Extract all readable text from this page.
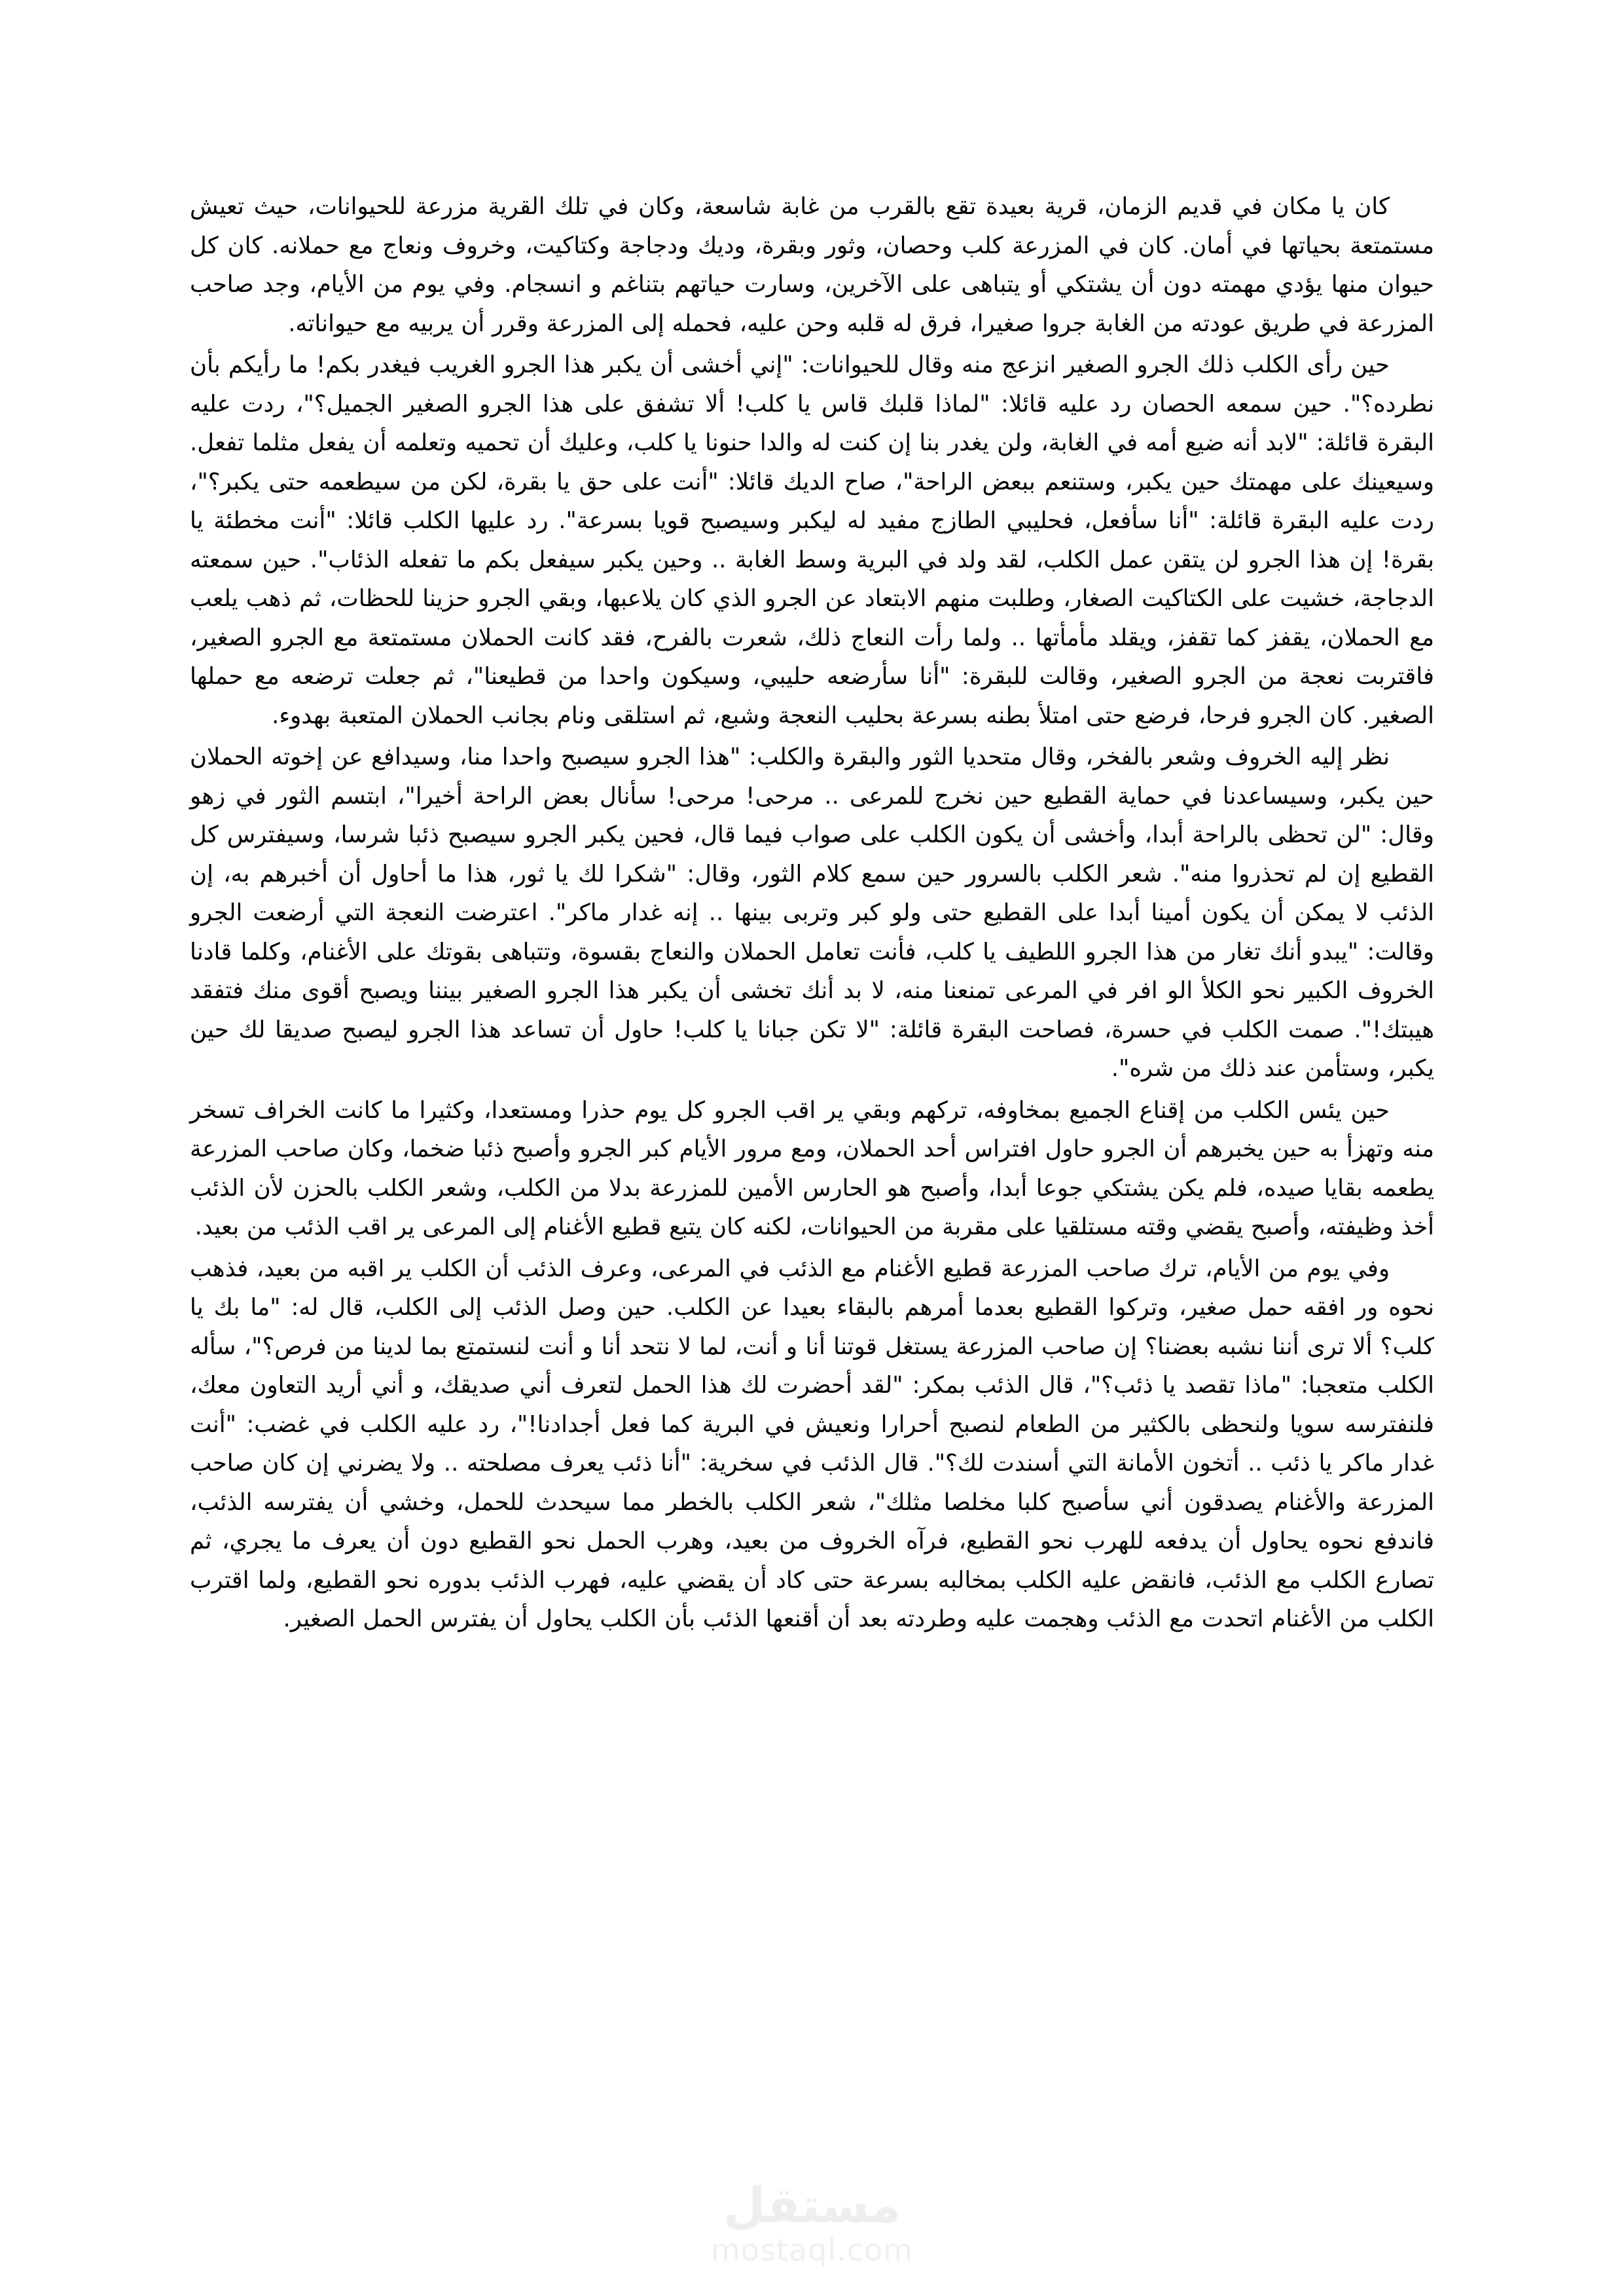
كان يا مكان في قديم الزمان، قرية بعيدة تقع بالقرب من غابة شاسعة، وكان في تلك القرية مزرعة للحيوانات، حيث تعيش مستمتعة بحياتها في أمان. كان في المزرعة كلب وحصان، وثور وبقرة، وديك ودجاجة وكتاكيت، وخروف ونعاج مع حملانه. كان كل حيوان منها يؤدي مهمته دون أن يشتكي أو يتباهى على الآخرين، وسارت حياتهم بتناغم و انسجام. وفي يوم من الأيام، وجد صاحب المزرعة في طريق عودته من الغابة جروا صغيرا، فرق له قلبه وحن عليه، فحمله إلى المزرعة وقرر أن يربيه مع حيواناته.

حين رأى الكلب ذلك الجرو الصغير انزعج منه وقال للحيوانات: "إني أخشى أن يكبر هذا الجرو الغريب فيغدر بكم! ما رأيكم بأن نطرده؟". حين سمعه الحصان رد عليه قائلا: "لماذا قلبك قاس يا كلب! ألا تشفق على هذا الجرو الصغير الجميل؟"، ردت عليه البقرة قائلة: "لابد أنه ضيع أمه في الغابة، ولن يغدر بنا إن كنت له والدا حنونا يا كلب، وعليك أن تحميه وتعلمه أن يفعل مثلما تفعل. وسيعينك على مهمتك حين يكبر، وستنعم ببعض الراحة"، صاح الديك قائلا: "أنت على حق يا بقرة، لكن من سيطعمه حتى يكبر؟"، ردت عليه البقرة قائلة: "أنا سأفعل، فحليبي الطازج مفيد له ليكبر وسيصبح قويا بسرعة". رد عليها الكلب قائلا: "أنت مخطئة يا بقرة! إن هذا الجرو لن يتقن عمل الكلب، لقد ولد في البرية وسط الغابة .. وحين يكبر سيفعل بكم ما تفعله الذئاب". حين سمعته الدجاجة، خشيت على الكتاكيت الصغار، وطلبت منهم الابتعاد عن الجرو الذي كان يلاعبها، وبقي الجرو حزينا للحظات، ثم ذهب يلعب مع الحملان، يقفز كما تقفز، ويقلد مأمأتها .. ولما رأت النعاج ذلك، شعرت بالفرح، فقد كانت الحملان مستمتعة مع الجرو الصغير، فاقتربت نعجة من الجرو الصغير، وقالت للبقرة: "أنا سأرضعه حليبي، وسيكون واحدا من قطيعنا"، ثم جعلت ترضعه مع حملها الصغير. كان الجرو فرحا، فرضع حتى امتلأ بطنه بسرعة بحليب النعجة وشبع، ثم استلقى ونام بجانب الحملان المتعبة بهدوء.

نظر إليه الخروف وشعر بالفخر، وقال متحديا الثور والبقرة والكلب: "هذا الجرو سيصبح واحدا منا، وسيدافع عن إخوته الحملان حين يكبر، وسيساعدنا في حماية القطيع حين نخرج للمرعى .. مرحى! مرحى! سأنال بعض الراحة أخيرا"، ابتسم الثور في زهو وقال: "لن تحظى بالراحة أبدا، وأخشى أن يكون الكلب على صواب فيما قال، فحين يكبر الجرو سيصبح ذئبا شرسا، وسيفترس كل القطيع إن لم تحذروا منه". شعر الكلب بالسرور حين سمع كلام الثور، وقال: "شكرا لك يا ثور، هذا ما أحاول أن أخبرهم به، إن الذئب لا يمكن أن يكون أمينا أبدا على القطيع حتى ولو كبر وتربى بينها .. إنه غدار ماكر". اعترضت النعجة التي أرضعت الجرو وقالت: "يبدو أنك تغار من هذا الجرو اللطيف يا كلب، فأنت تعامل الحملان والنعاج بقسوة، وتتباهى بقوتك على الأغنام، وكلما قادنا الخروف الكبير نحو الكلأ الو افر في المرعى تمنعنا منه، لا بد أنك تخشى أن يكبر هذا الجرو الصغير بيننا ويصبح أقوى منك فتفقد هيبتك!". صمت الكلب في حسرة، فصاحت البقرة قائلة: "لا تكن جبانا يا كلب! حاول أن تساعد هذا الجرو ليصبح صديقا لك حين يكبر، وستأمن عند ذلك من شره".

حين يئس الكلب من إقناع الجميع بمخاوفه، تركهم وبقي ير اقب الجرو كل يوم حذرا ومستعدا، وكثيرا ما كانت الخراف تسخر منه وتهزأ به حين يخبرهم أن الجرو حاول افتراس أحد الحملان، ومع مرور الأيام كبر الجرو وأصبح ذئبا ضخما، وكان صاحب المزرعة يطعمه بقايا صيده، فلم يكن يشتكي جوعا أبدا، وأصبح هو الحارس الأمين للمزرعة بدلا من الكلب، وشعر الكلب بالحزن لأن الذئب أخذ وظيفته، وأصبح يقضي وقته مستلقيا على مقربة من الحيوانات، لكنه كان يتبع قطيع الأغنام إلى المرعى ير اقب الذئب من بعيد.

وفي يوم من الأيام، ترك صاحب المزرعة قطيع الأغنام مع الذئب في المرعى، وعرف الذئب أن الكلب ير اقبه من بعيد، فذهب نحوه ور افقه حمل صغير، وتركوا القطيع بعدما أمرهم بالبقاء بعيدا عن الكلب. حين وصل الذئب إلى الكلب، قال له: "ما بك يا كلب؟ ألا ترى أننا نشبه بعضنا؟ إن صاحب المزرعة يستغل قوتنا أنا و أنت، لما لا نتحد أنا و أنت لنستمتع بما لدينا من فرص؟"، سأله الكلب متعجبا: "ماذا تقصد يا ذئب؟"، قال الذئب بمكر: "لقد أحضرت لك هذا الحمل لتعرف أني صديقك، و أني أريد التعاون معك، فلنفترسه سويا ولنحظى بالكثير من الطعام لنصبح أحرارا ونعيش في البرية كما فعل أجدادنا!"، رد عليه الكلب في غضب: "أنت غدار ماكر يا ذئب .. أتخون الأمانة التي أسندت لك؟". قال الذئب في سخرية: "أنا ذئب يعرف مصلحته .. ولا يضرني إن كان صاحب المزرعة والأغنام يصدقون أني سأصبح كلبا مخلصا مثلك"، شعر الكلب بالخطر مما سيحدث للحمل، وخشي أن يفترسه الذئب، فاندفع نحوه يحاول أن يدفعه للهرب نحو القطيع، فرآه الخروف من بعيد، وهرب الحمل نحو القطيع دون أن يعرف ما يجري، ثم تصارع الكلب مع الذئب، فانقض عليه الكلب بمخالبه بسرعة حتى كاد أن يقضي عليه، فهرب الذئب بدوره نحو القطيع، ولما اقترب الكلب من الأغنام اتحدت مع الذئب وهجمت عليه وطردته بعد أن أقنعها الذئب بأن الكلب يحاول أن يفترس الحمل الصغير.

مستقل
mostaql.com
